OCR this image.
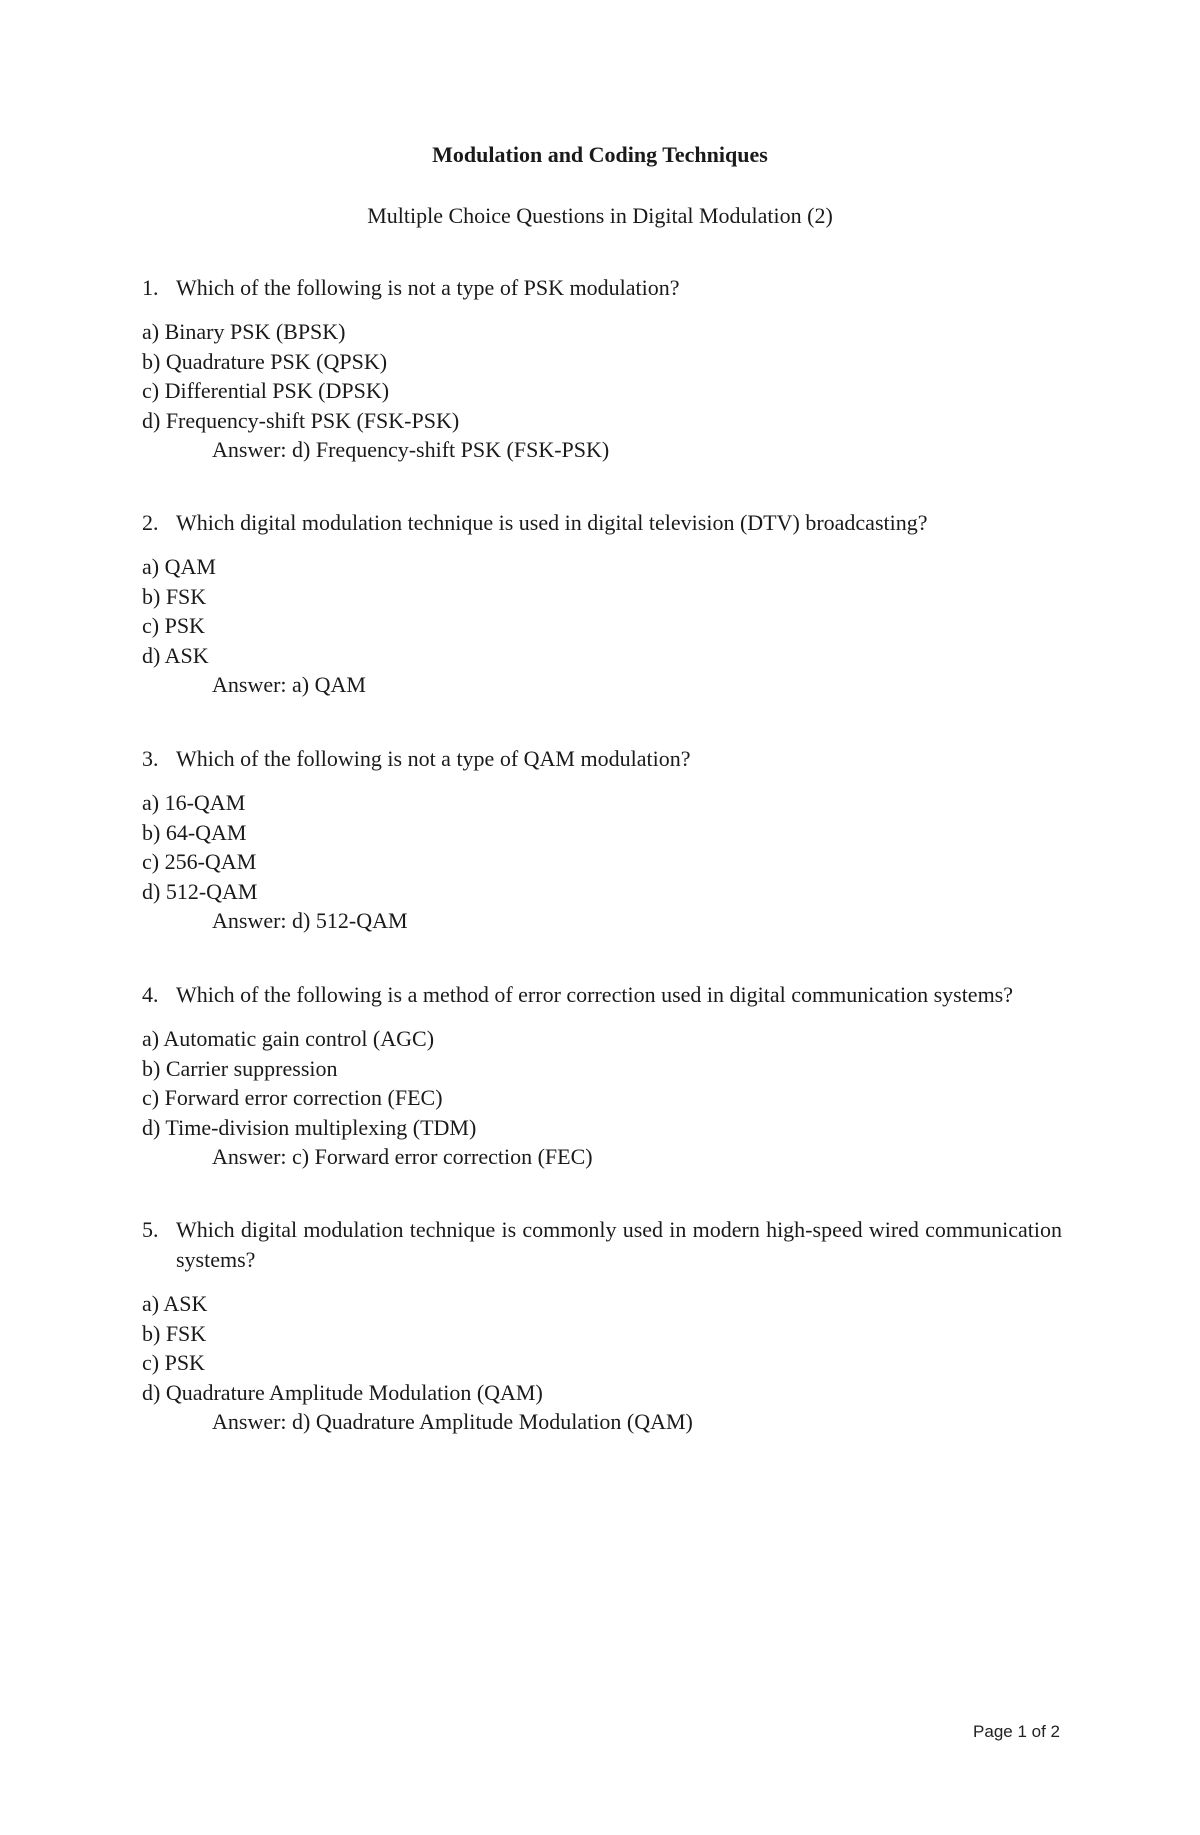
Modulation and Coding Techniques

Multiple Choice Questions in Digital Modulation (2)

1. Which of the following is not a type of PSK modulation?

a) Binary PSK (BPSK)

b) Quadrature PSK (QPSK)

c) Differential PSK (DPSK)

d) Frequency-shift PSK (FSK-PSK)

Answer: d) Frequency-shift PSK (FSK-PSK)

2. Which digital modulation technique is used in digital television (DTV) broadcasting?

a) QAM

b) FSK

c) PSK

d) ASK

Answer: a) QAM

3. Which of the following is not a type of QAM modulation?

a) 16-QAM

b) 64-QAM

c) 256-QAM

d) 512-QAM

Answer: d) 512-QAM

4. Which of the following is a method of error correction used in digital communication systems?

a) Automatic gain control (AGC)

b) Carrier suppression

c) Forward error correction (FEC)

d) Time-division multiplexing (TDM)

Answer: c) Forward error correction (FEC)

5. Which digital modulation technique is commonly used in modern high-speed wired communication systems?

a) ASK

b) FSK

c) PSK

d) Quadrature Amplitude Modulation (QAM)

Answer: d) Quadrature Amplitude Modulation (QAM)

Page 1 of 2
